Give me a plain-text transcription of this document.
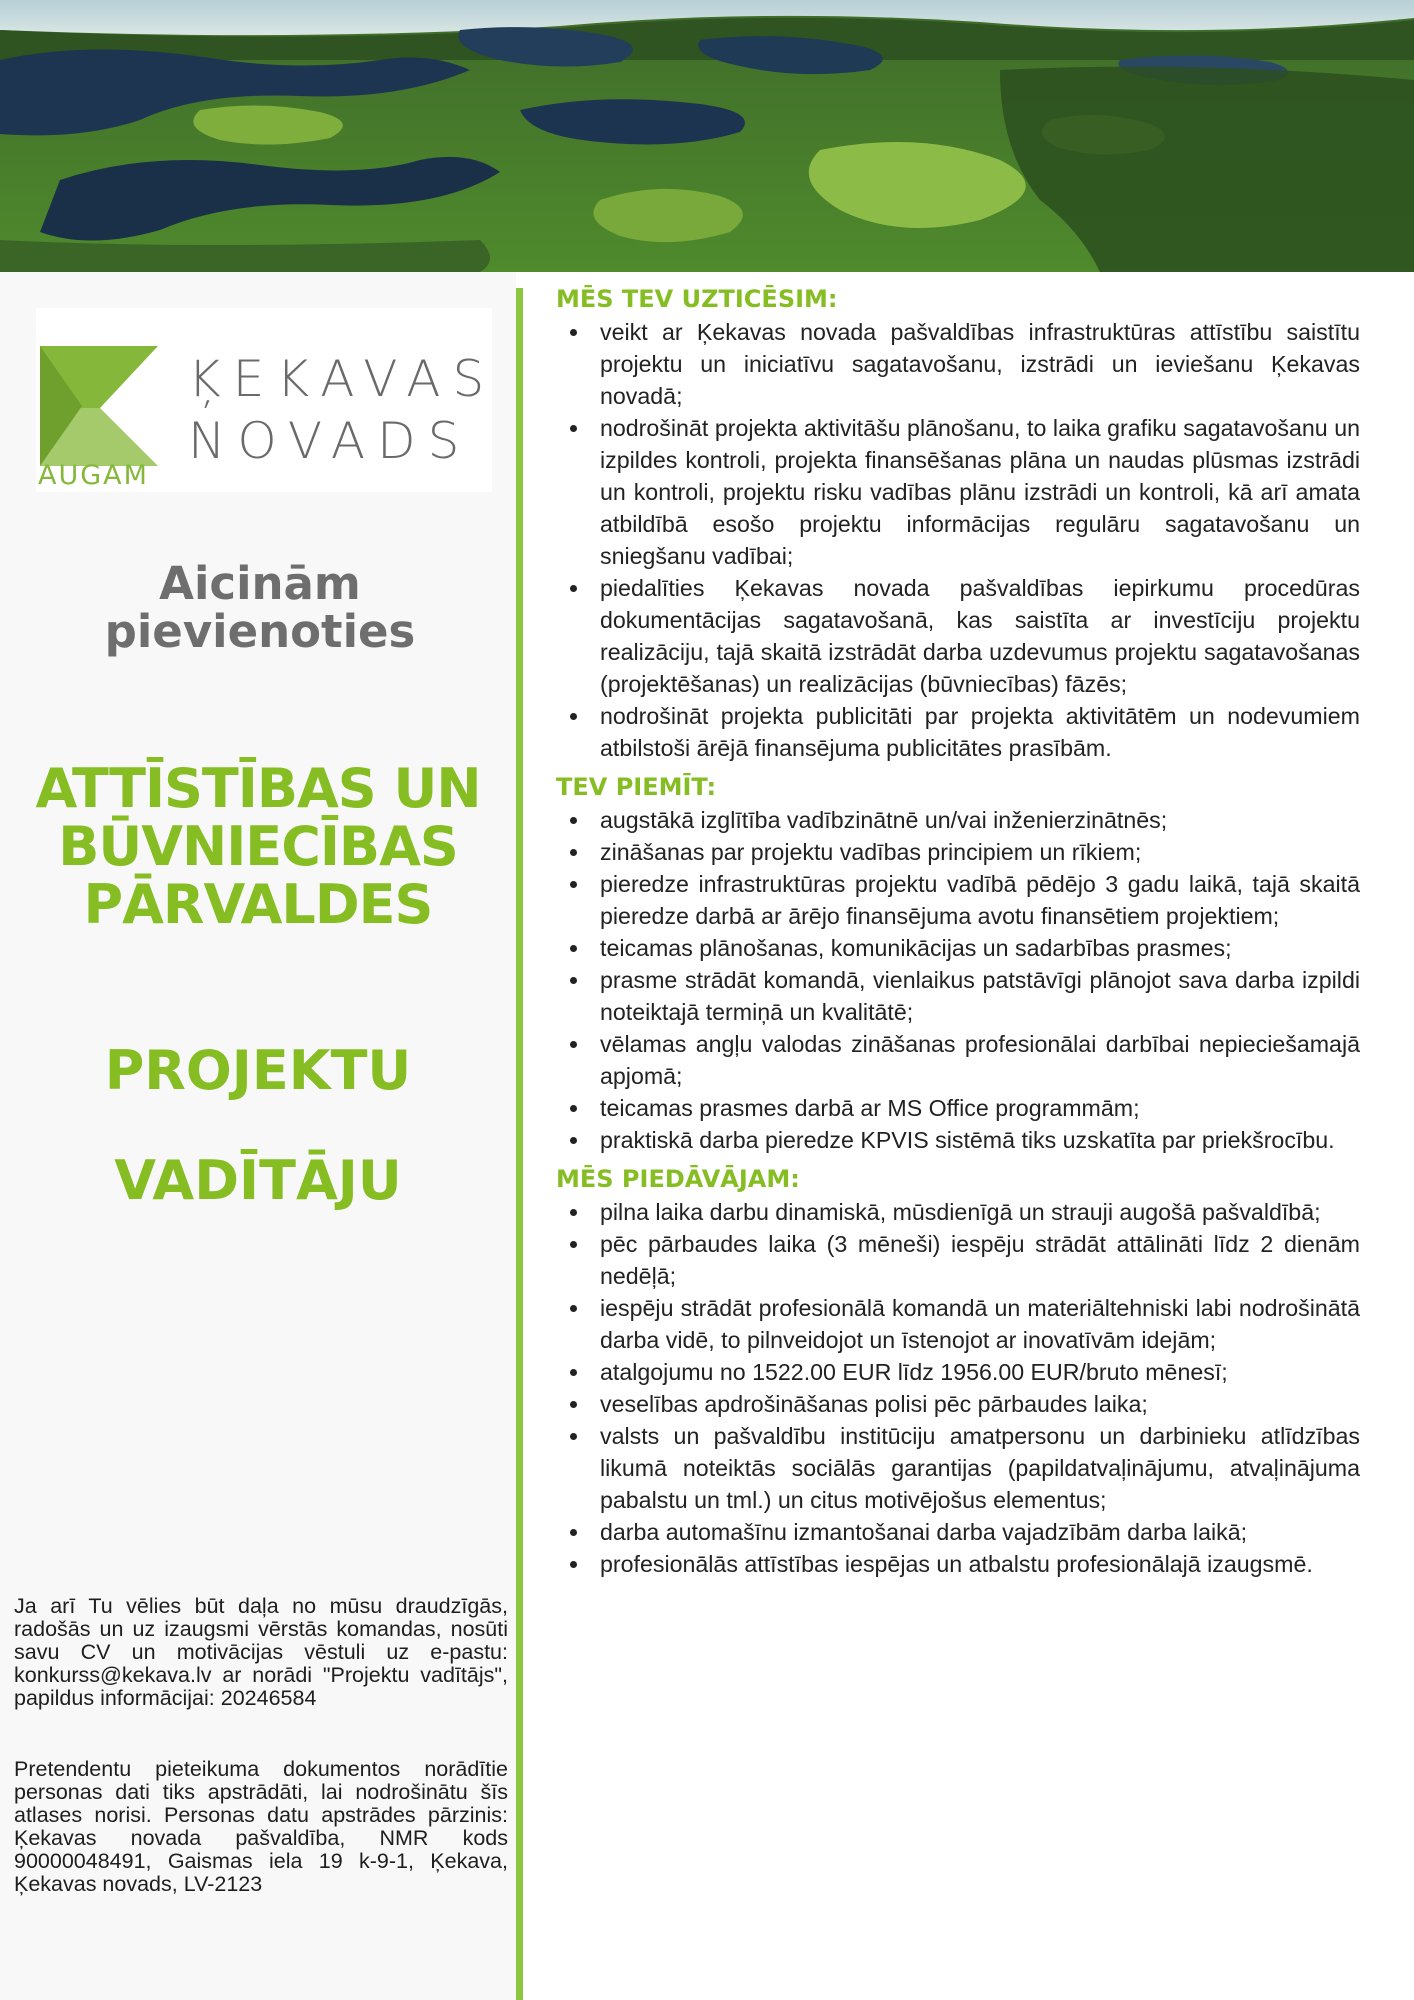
AUGAM
ĶEKAVAS
NOVADS
Aicinām
pievienoties
ATTĪSTĪBAS UN
BŪVNIECĪBAS
PĀRVALDES
PROJEKTU
VADĪTĀJU

Ja arī Tu vēlies būt daļa no mūsu draudzīgās, radošās un uz izaugsmi vērstās komandas, nosūti savu CV un motivācijas vēstuli uz e-pastu: konkurss@kekava.lv ar norādi "Projektu vadītājs", papildus informācijai: 20246584

Pretendentu pieteikuma dokumentos norādītie personas dati tiks apstrādāti, lai nodrošinātu šīs atlases norisi. Personas datu apstrādes pārzinis: Ķekavas novada pašvaldība, NMR kods 90000048491, Gaismas iela 19 k-9-1, Ķekava, Ķekavas novads, LV-2123

MĒS TEV UZTICĒSIM:
veikt ar Ķekavas novada pašvaldības infrastruktūras attīstību saistītu projektu un iniciatīvu sagatavošanu, izstrādi un ieviešanu Ķekavas novadā;
nodrošināt projekta aktivitāšu plānošanu, to laika grafiku sagatavošanu un izpildes kontroli, projekta finansēšanas plāna un naudas plūsmas izstrādi un kontroli, projektu risku vadības plānu izstrādi un kontroli, kā arī amata atbildībā esošo projektu informācijas regulāru sagatavošanu un sniegšanu vadībai;
piedalīties Ķekavas novada pašvaldības iepirkumu procedūras dokumentācijas sagatavošanā, kas saistīta ar investīciju projektu realizāciju, tajā skaitā izstrādāt darba uzdevumus projektu sagatavošanas (projektēšanas) un realizācijas (būvniecības) fāzēs;
nodrošināt projekta publicitāti par projekta aktivitātēm un nodevumiem atbilstoši ārējā finansējuma publicitātes prasībām.
TEV PIEMĪT:
augstākā izglītība vadībzinātnē un/vai inženierzinātnēs;
zināšanas par projektu vadības principiem un rīkiem;
pieredze infrastruktūras projektu vadībā pēdējo 3 gadu laikā, tajā skaitā pieredze darbā ar ārējo finansējuma avotu finansētiem projektiem;
teicamas plānošanas, komunikācijas un sadarbības prasmes;
prasme strādāt komandā, vienlaikus patstāvīgi plānojot sava darba izpildi noteiktajā termiņā un kvalitātē;
vēlamas angļu valodas zināšanas profesionālai darbībai nepieciešamajā apjomā;
teicamas prasmes darbā ar MS Office programmām;
praktiskā darba pieredze KPVIS sistēmā tiks uzskatīta par priekšrocību.
MĒS PIEDĀVĀJAM:
pilna laika darbu dinamiskā, mūsdienīgā un strauji augošā pašvaldībā;
pēc pārbaudes laika (3 mēneši) iespēju strādāt attālināti līdz 2 dienām nedēļā;
iespēju strādāt profesionālā komandā un materiāltehniski labi nodrošinātā darba vidē, to pilnveidojot un īstenojot ar inovatīvām idejām;
atalgojumu no 1522.00 EUR līdz 1956.00 EUR/bruto mēnesī;
veselības apdrošināšanas polisi pēc pārbaudes laika;
valsts un pašvaldību institūciju amatpersonu un darbinieku atlīdzības likumā noteiktās sociālās garantijas (papildatvaļinājumu, atvaļinājuma pabalstu un tml.) un citus motivējošus elementus;
darba automašīnu izmantošanai darba vajadzībām darba laikā;
profesionālās attīstības iespējas un atbalstu profesionālajā izaugsmē.
